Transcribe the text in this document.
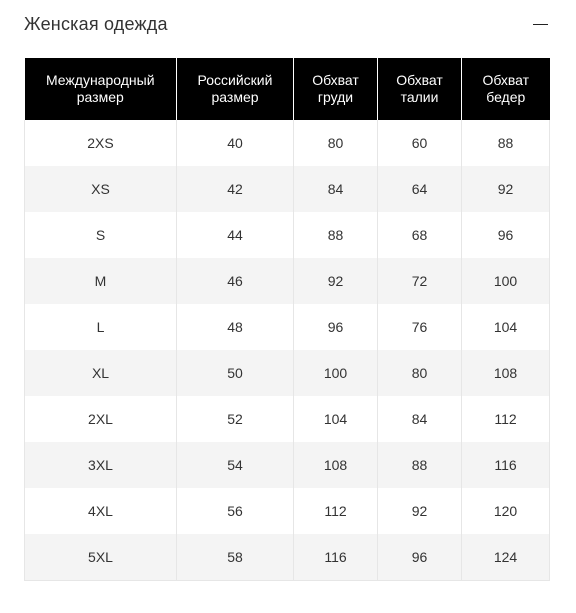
Женская одежда
Международный размер	Российский размер	Обхват груди	Обхват талии	Обхват бедер
2XS	40	80	60	88
XS	42	84	64	92
S	44	88	68	96
M	46	92	72	100
L	48	96	76	104
XL	50	100	80	108
2XL	52	104	84	112
3XL	54	108	88	116
4XL	56	112	92	120
5XL	58	116	96	124
